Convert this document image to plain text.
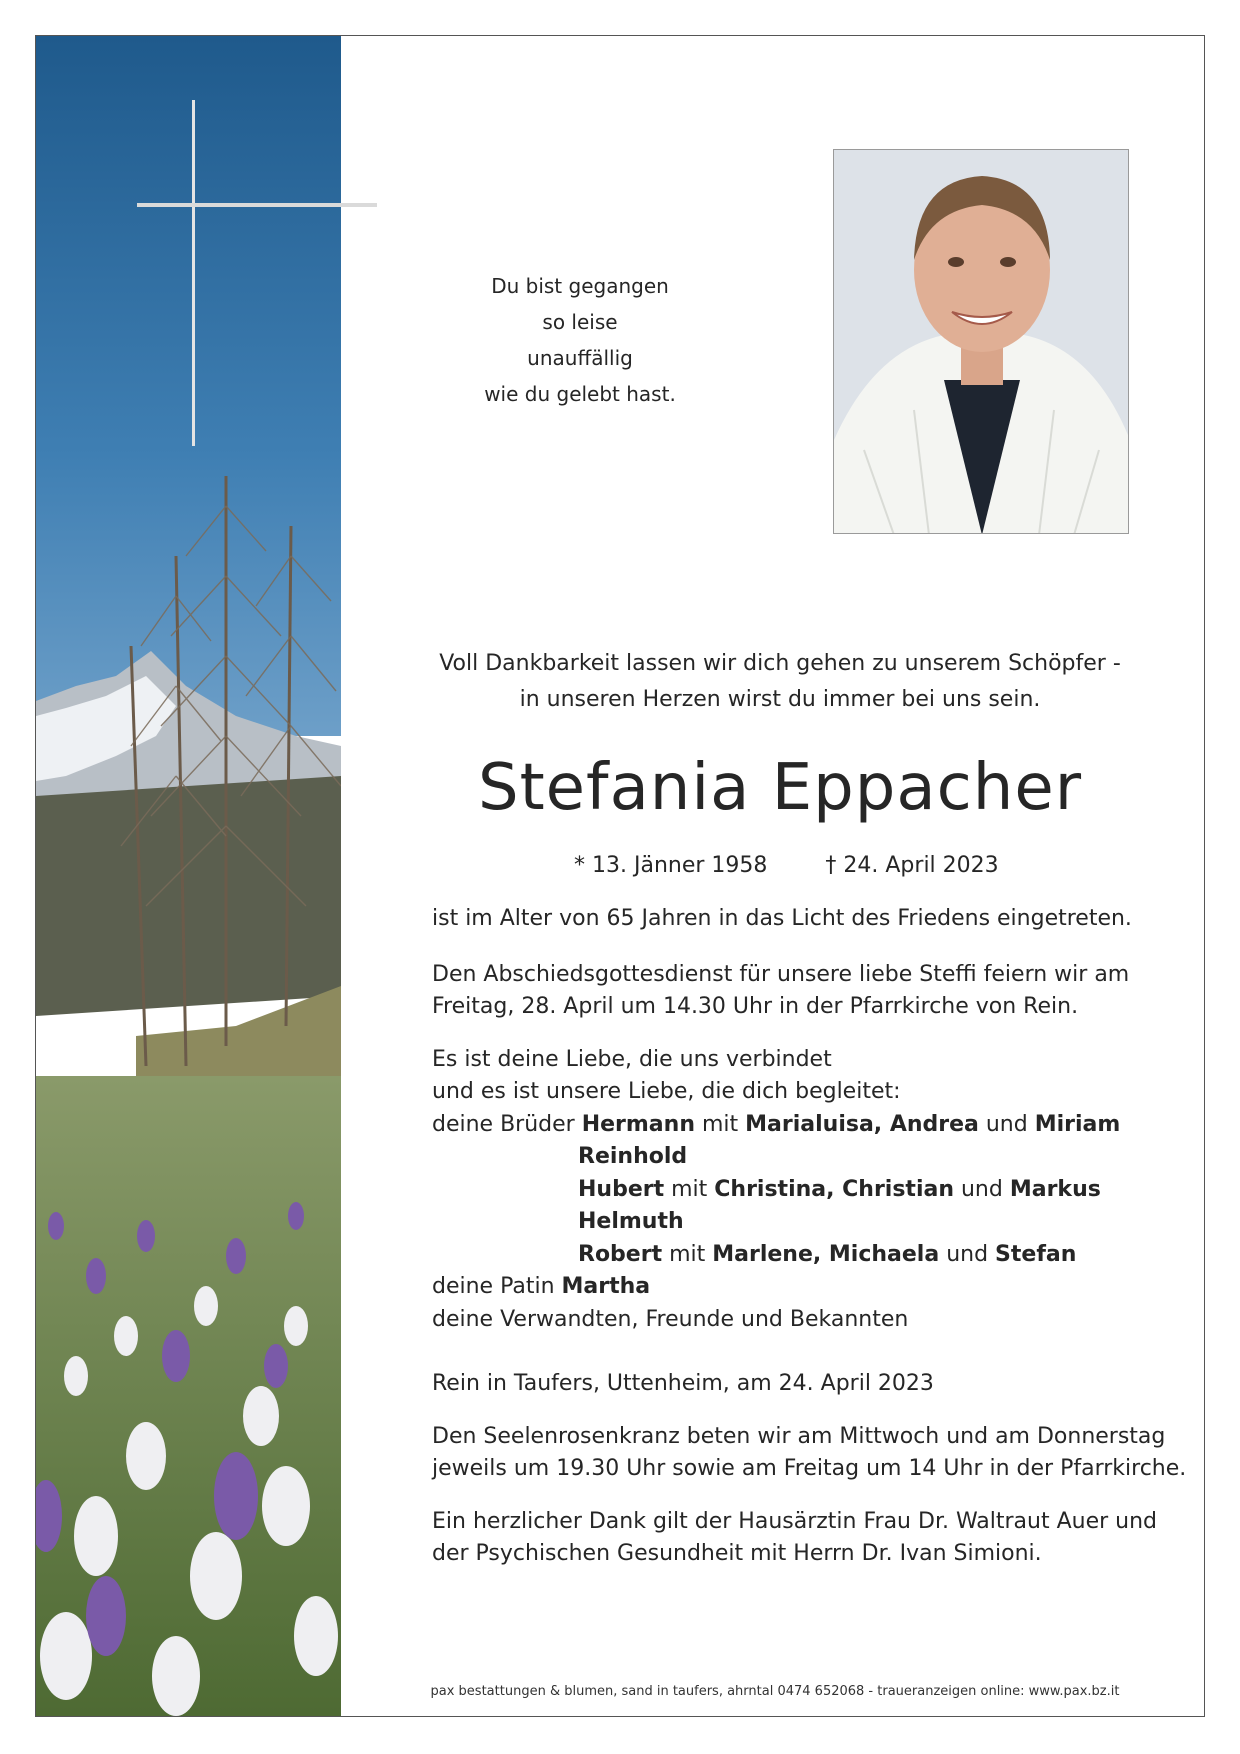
Du bist gegangen
so leise
unauffällig
wie du gelebt hast.
Voll Dankbarkeit lassen wir dich gehen zu unserem Schöpfer -
in unseren Herzen wirst du immer bei uns sein.
Stefania Eppacher
* 13. Jänner 1958	† 24. April 2023

ist im Alter von 65 Jahren in das Licht des Friedens eingetreten.

Den Abschiedsgottesdienst für unsere liebe Steffi feiern wir am

Freitag, 28. April um 14.30 Uhr in der Pfarrkirche von Rein.

Es ist deine Liebe, die uns verbindet

und es ist unsere Liebe, die dich begleitet:

deine Brüder Hermann mit Marialuisa, Andrea und Miriam

Reinhold

Hubert mit Christina, Christian und Markus

Helmuth

Robert mit Marlene, Michaela und Stefan

deine Patin Martha

deine Verwandten, Freunde und Bekannten

Rein in Taufers, Uttenheim, am 24. April 2023

Den Seelenrosenkranz beten wir am Mittwoch und am Donnerstag

jeweils um 19.30 Uhr sowie am Freitag um 14 Uhr in der Pfarrkirche.

Ein herzlicher Dank gilt der Hausärztin Frau Dr. Waltraut Auer und

der Psychischen Gesundheit mit Herrn Dr. Ivan Simioni.

pax bestattungen & blumen, sand in taufers, ahrntal 0474 652068 - traueranzeigen online: www.pax.bz.it
